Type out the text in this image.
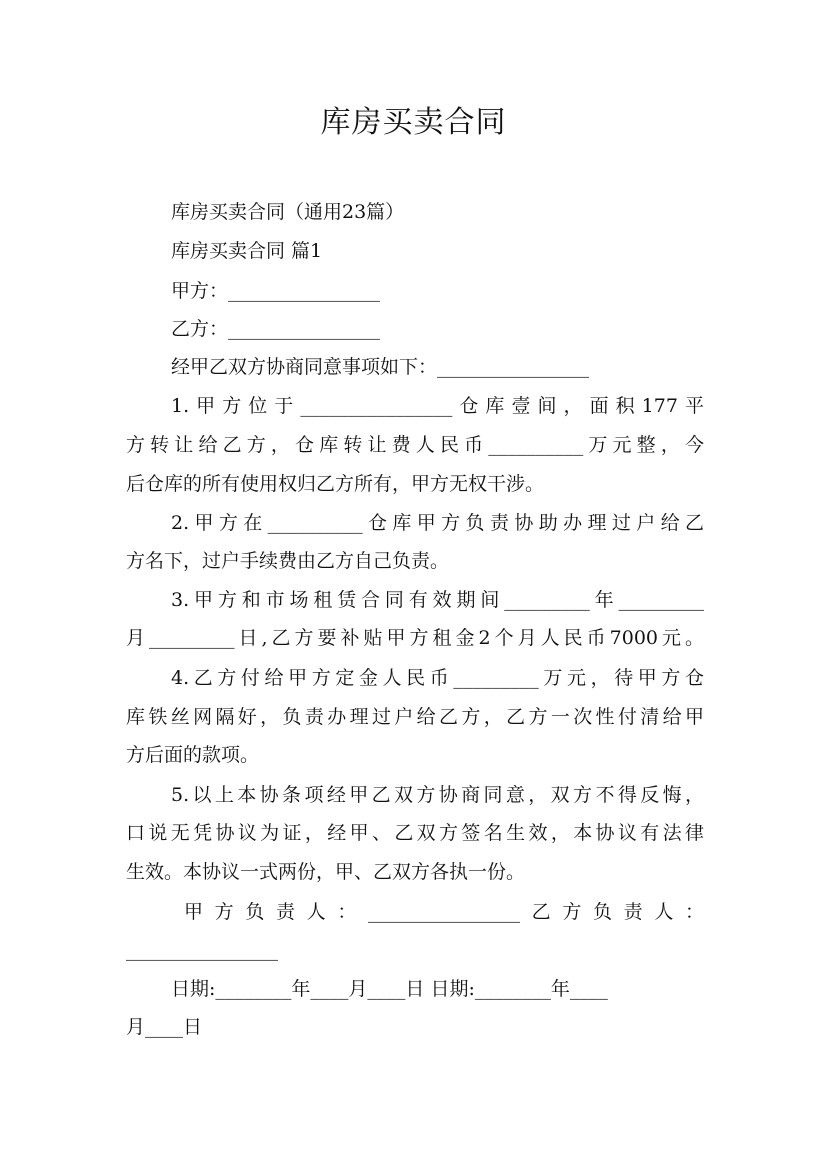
库房买卖合同
库房买卖合同（通用23篇）
库房买卖合同 篇1
甲方：________________
乙方：________________
经甲乙双方协商同意事项如下：________________
1.甲方位于________________仓库壹间，面积177平
方转让给乙方，仓库转让费人民币__________万元整，今
后仓库的所有使用权归乙方所有，甲方无权干涉。
2.甲方在__________仓库甲方负责协助办理过户给乙
方名下，过户手续费由乙方自己负责。
3.甲方和市场租赁合同有效期间_________年_________
月_________日,乙方要补贴甲方租金2个月人民币7000元。
4.乙方付给甲方定金人民币_________万元，待甲方仓
库铁丝网隔好，负责办理过户给乙方，乙方一次性付清给甲
方后面的款项。
5.以上本协条项经甲乙双方协商同意，双方不得反悔，
口说无凭协议为证，经甲、乙双方签名生效，本协议有法律
生效。本协议一式两份，甲、乙双方各执一份。
甲方负责人：________________乙方负责人：
________________
日期:________年____月____日 日期:________年____
月____日
